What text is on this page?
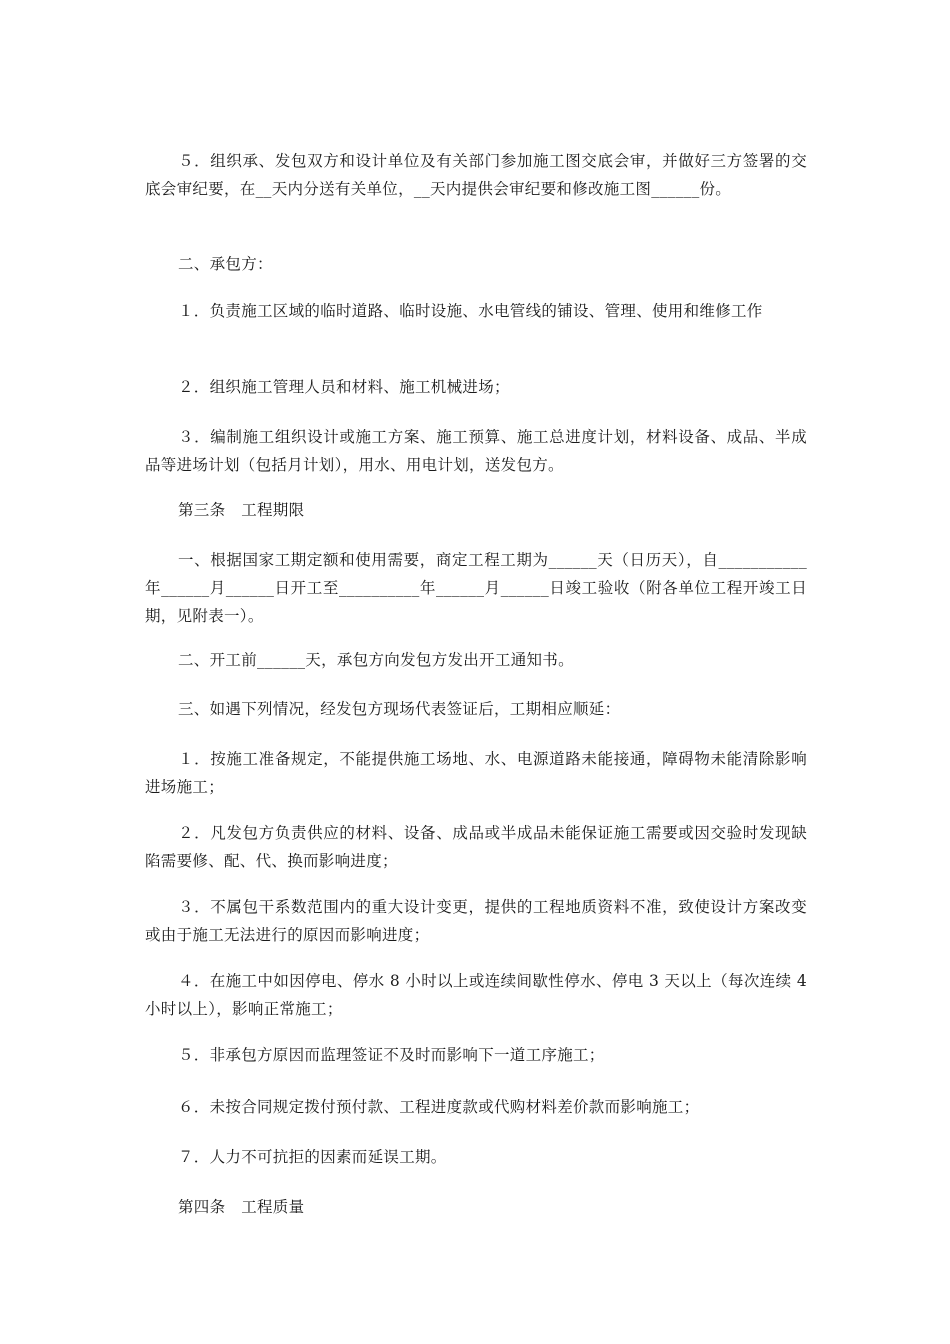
５．组织承、发包双方和设计单位及有关部门参加施工图交底会审，并做好三方签署的交底会审纪要，在__天内分送有关单位，__天内提供会审纪要和修改施工图______份。

二、承包方：

１．负责施工区域的临时道路、临时设施、水电管线的铺设、管理、使用和维修工作

２．组织施工管理人员和材料、施工机械进场；

３．编制施工组织设计或施工方案、施工预算、施工总进度计划，材料设备、成品、半成品等进场计划（包括月计划），用水、用电计划，送发包方。

第三条　工程期限

一、根据国家工期定额和使用需要，商定工程工期为______天（日历天），自___________年______月______日开工至__________年______月______日竣工验收（附各单位工程开竣工日期，见附表一）。

二、开工前______天，承包方向发包方发出开工通知书。

三、如遇下列情况，经发包方现场代表签证后，工期相应顺延：

１．按施工准备规定，不能提供施工场地、水、电源道路未能接通，障碍物未能清除影响进场施工；

２．凡发包方负责供应的材料、设备、成品或半成品未能保证施工需要或因交验时发现缺陷需要修、配、代、换而影响进度；

３．不属包干系数范围内的重大设计变更，提供的工程地质资料不准，致使设计方案改变或由于施工无法进行的原因而影响进度；

４．在施工中如因停电、停水 8 小时以上或连续间歇性停水、停电 3 天以上（每次连续 4 小时以上），影响正常施工；

５．非承包方原因而监理签证不及时而影响下一道工序施工；

６．未按合同规定拨付预付款、工程进度款或代购材料差价款而影响施工；

７．人力不可抗拒的因素而延误工期。

第四条　工程质量
